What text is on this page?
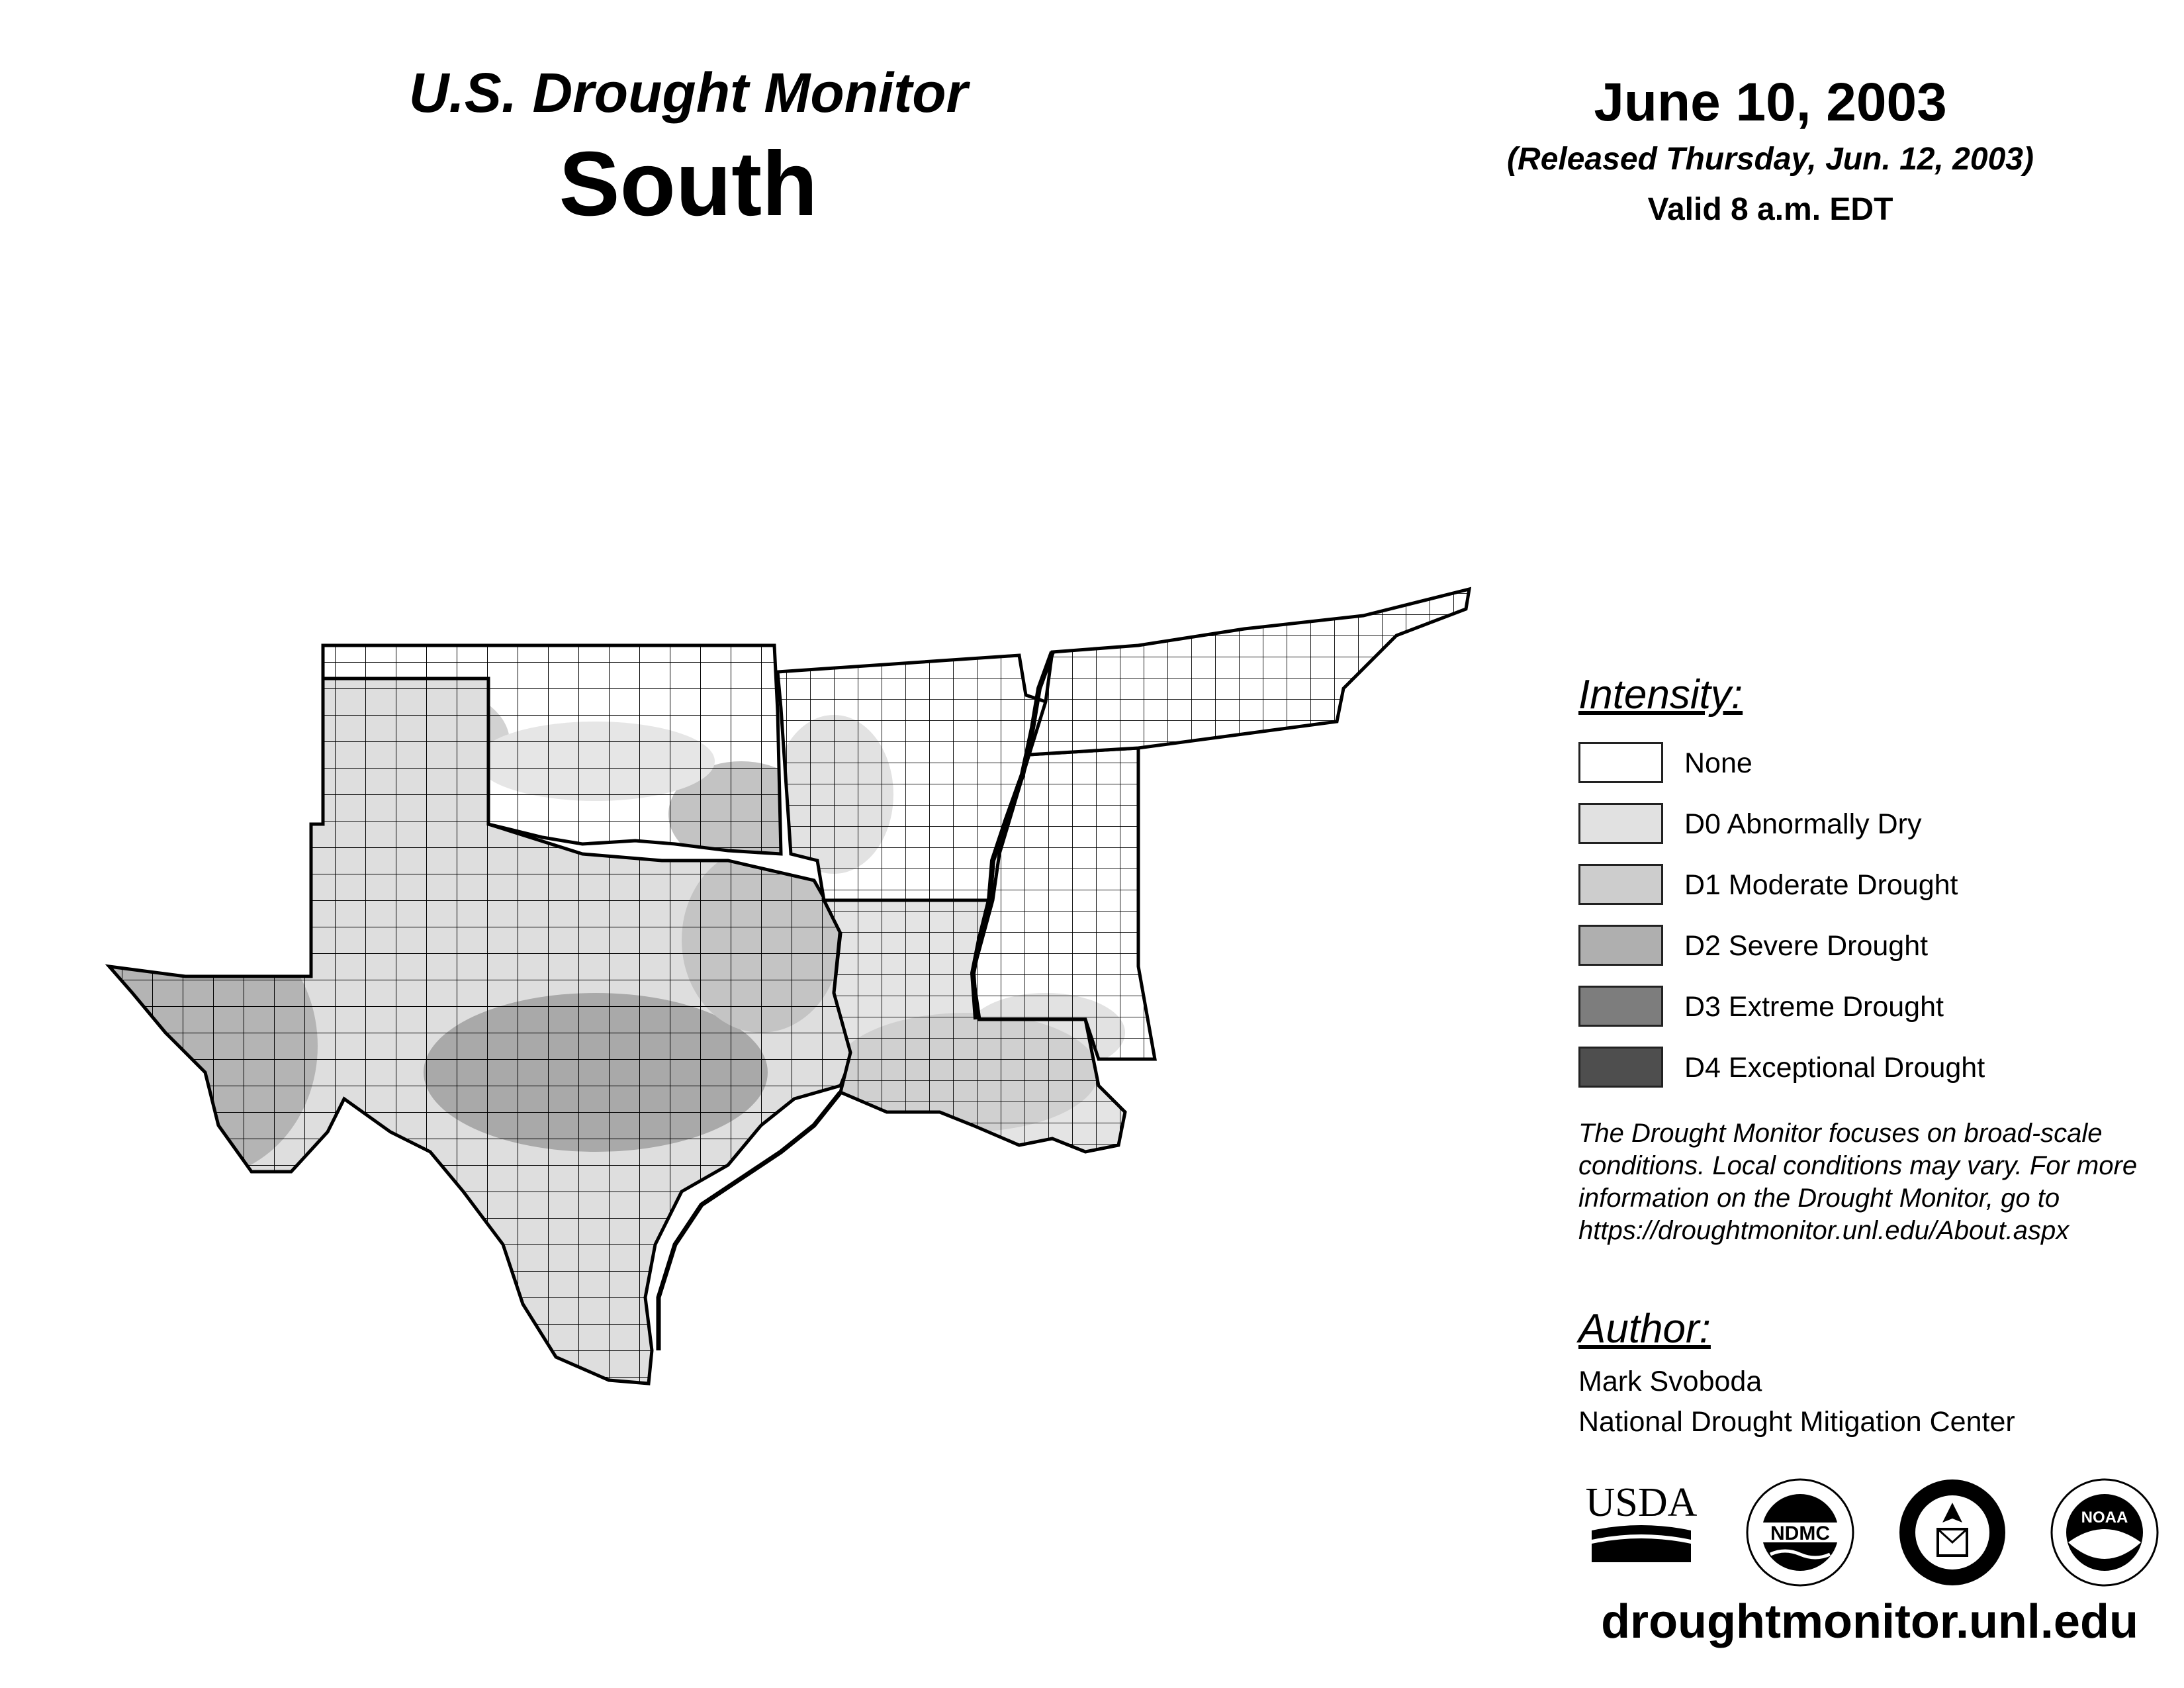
U.S. Drought Monitor
South
June 10, 2003
(Released Thursday, Jun. 12, 2003)
Valid 8 a.m. EDT
Intensity:
None
D0 Abnormally Dry
D1 Moderate Drought
D2 Severe Drought
D3 Extreme Drought
D4 Exceptional Drought
The Drought Monitor focuses on broad-scale conditions. Local conditions may vary. For more information on the Drought Monitor, go to https://droughtmonitor.unl.edu/About.aspx
Author:
Mark Svoboda
National Drought Mitigation Center
USDA
NDMC
NOAA
droughtmonitor.unl.edu
